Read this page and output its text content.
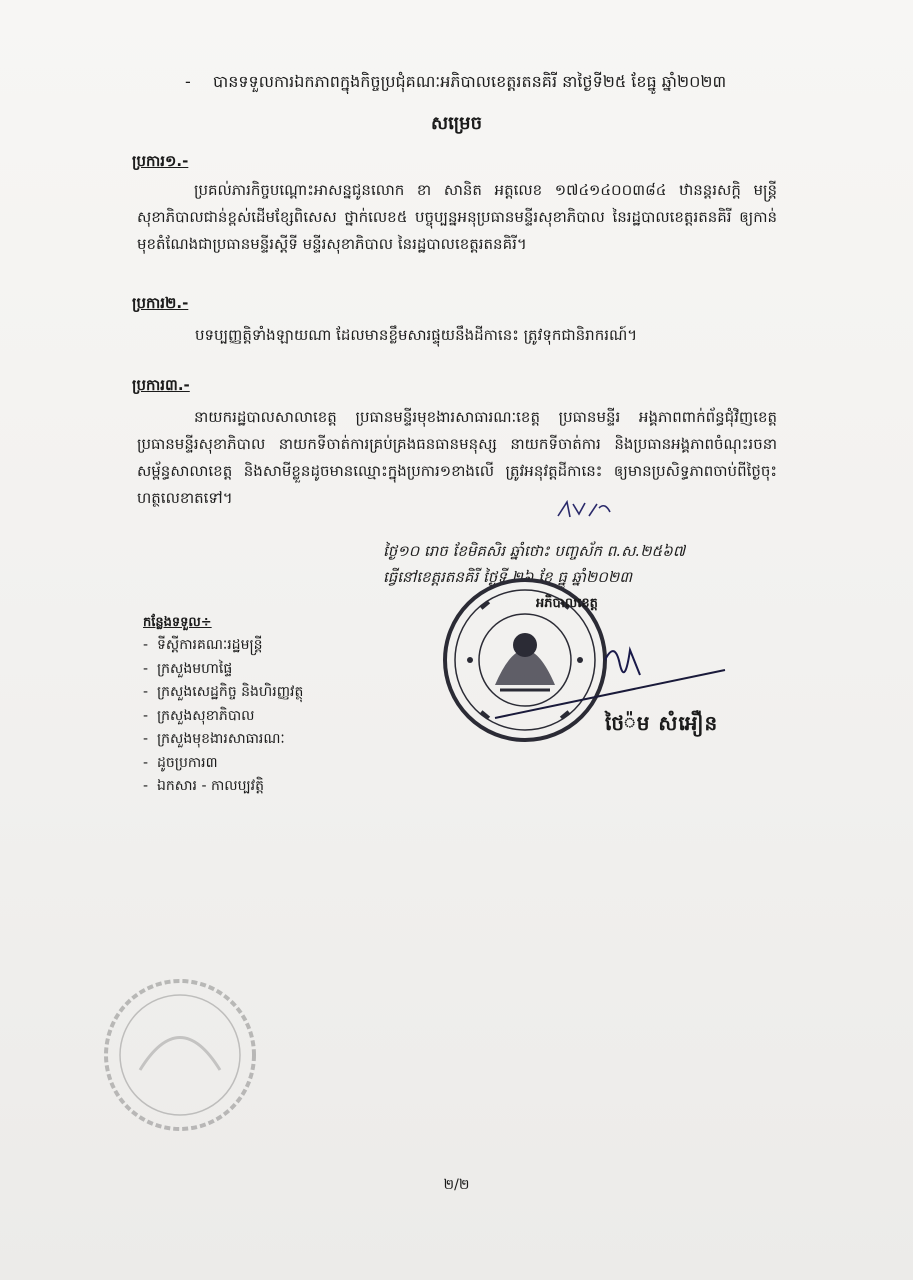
- បានទទួលការឯកភាពក្នុងកិច្ចប្រជុំគណៈអភិបាលខេត្តរតនគិរី នាថ្ងៃទី២៥ ខែធ្នូ ឆ្នាំ២០២៣
សម្រេច
ប្រការ១.-
ប្រគល់ភារកិច្ចបណ្ដោះអាសន្នជូនលោក ខា សានិត អត្តលេខ ១៧៤១៤០០៣៨៤ ឋានន្តរសក្តិ មន្ត្រីសុខាភិបាលជាន់ខ្ពស់ដើមខ្សែពិសេស ថ្នាក់លេខ៥ បច្ចុប្បន្នអនុប្រធានមន្ទីរសុខាភិបាល នៃរដ្ឋបាលខេត្តរតនគិរី ឲ្យកាន់មុខតំណែងជាប្រធានមន្ទីរស្តីទី មន្ទីរសុខាភិបាល នៃរដ្ឋបាលខេត្តរតនគិរី។
ប្រការ២.-
បទប្បញ្ញត្តិទាំងឡាយណា ដែលមានខ្លឹមសារផ្ទុយនឹងដីកានេះ ត្រូវទុកជានិរាករណ៍។
ប្រការ៣.-
នាយករដ្ឋបាលសាលាខេត្ត ប្រធានមន្ទីរមុខងារសាធារណៈខេត្ត ប្រធានមន្ទីរ អង្គភាពពាក់ព័ន្ធជុំវិញខេត្ត ប្រធានមន្ទីរសុខាភិបាល នាយកទីចាត់ការគ្រប់គ្រងធនធានមនុស្ស នាយកទីចាត់ការ និងប្រធានអង្គភាពចំណុះរចនាសម្ព័ន្ធសាលាខេត្ត និងសាមីខ្លួនដូចមានឈ្មោះក្នុងប្រការ១ខាងលើ ត្រូវអនុវត្តដីកានេះ ឲ្យមានប្រសិទ្ធភាពចាប់ពីថ្ងៃចុះហត្ថលេខាតទៅ។
ថ្ងៃ១០ រោច ខែមិគសិរ ឆ្នាំថោះ បញ្ចស័ក ព.ស.២៥៦៧
ធ្វើនៅខេត្តរតនគិរី ថ្ងៃទី ២៦ ខែ ធ្នូ ឆ្នាំ២០២៣
អភិបាលខេត្ត
ថៃ៉ម សំអឿន
កន្លែងទទួល÷
- ទីស្តីការគណៈរដ្ឋមន្ត្រី
- ក្រសួងមហាផ្ទៃ
- ក្រសួងសេដ្ឋកិច្ច និងហិរញ្ញវត្ថុ
- ក្រសួងសុខាភិបាល
- ក្រសួងមុខងារសាធារណៈ
- ដូចប្រការ៣
- ឯកសារ - កាលប្បវត្តិ
២/២
